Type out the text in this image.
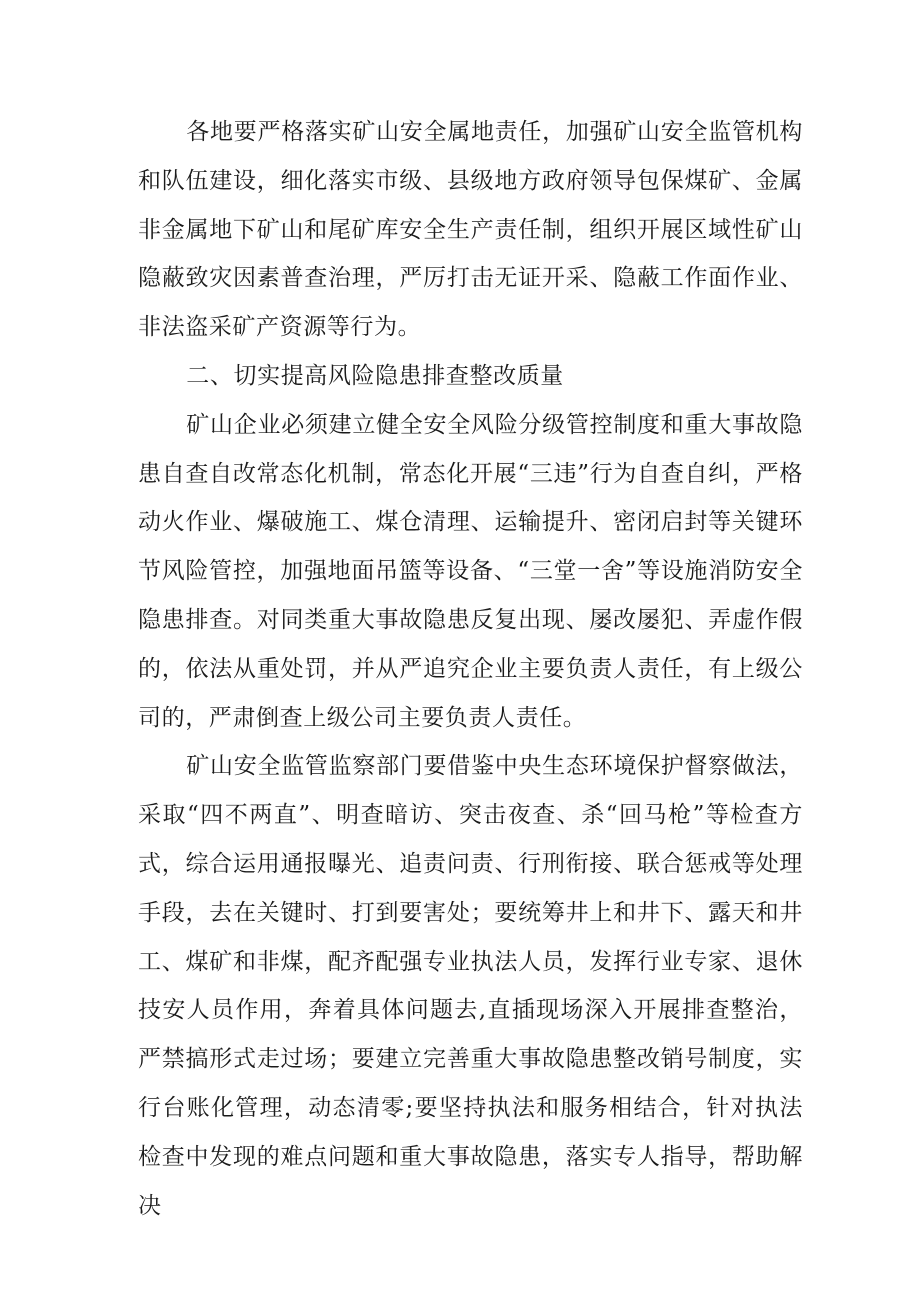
各地要严格落实矿山安全属地责任，加强矿山安全监管机构和队伍建设，细化落实市级、县级地方政府领导包保煤矿、金属非金属地下矿山和尾矿库安全生产责任制，组织开展区域性矿山隐蔽致灾因素普查治理，严厉打击无证开采、隐蔽工作面作业、非法盗采矿产资源等行为。

二、切实提高风险隐患排查整改质量

矿山企业必须建立健全安全风险分级管控制度和重大事故隐患自查自改常态化机制，常态化开展“三违”行为自查自纠，严格动火作业、爆破施工、煤仓清理、运输提升、密闭启封等关键环节风险管控，加强地面吊篮等设备、“三堂一舍”等设施消防安全隐患排查。对同类重大事故隐患反复出现、屡改屡犯、弄虚作假的，依法从重处罚，并从严追究企业主要负责人责任，有上级公司的，严肃倒查上级公司主要负责人责任。

矿山安全监管监察部门要借鉴中央生态环境保护督察做法，采取“四不两直”、明查暗访、突击夜查、杀“回马枪”等检查方式，综合运用通报曝光、追责问责、行刑衔接、联合惩戒等处理手段，去在关键时、打到要害处；要统筹井上和井下、露天和井工、煤矿和非煤，配齐配强专业执法人员，发挥行业专家、退休技安人员作用，奔着具体问题去,直插现场深入开展排查整治，严禁搞形式走过场；要建立完善重大事故隐患整改销号制度，实行台账化管理，动态清零;要坚持执法和服务相结合，针对执法检查中发现的难点问题和重大事故隐患，落实专人指导，帮助解决
